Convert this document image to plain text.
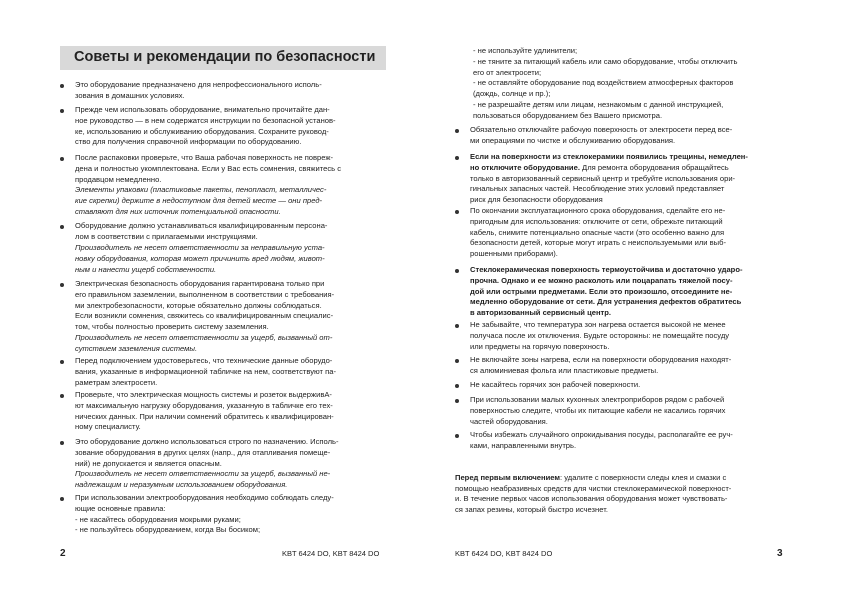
Советы и рекомендации по безопасности
Это оборудование предназначено для непрофессионального исполь-
зования в домашних условиях.
Прежде чем использовать оборудование, внимательно прочитайте дан-
ное руководство — в нем содержатся инструкции по безопасной установ-
ке, использованию и обслуживанию оборудования. Сохраните руковод-
ство для получения справочной информации по оборудованию.
После распаковки проверьте, что Ваша рабочая поверхность не повреж-
дена и полностью укомплектована. Если у Вас есть сомнения, свяжитесь с
продавцом немедленно.
Элементы упаковки (пластиковые пакеты, пенопласт, металличес-
кие скрепки) держите в недоступном для детей месте — они пред-
ставляют для них источник потенциальной опасности.
Оборудование должно устанавливаться квалифицированным персона-
лом в соответствии с прилагаемыми инструкциями.
Производитель не несет ответственности за неправильную уста-
новку оборудования, которая может причинить вред людям, живот-
ным и нанести ущерб собственности.
Электрическая безопасность оборудования гарантирована только при
его правильном заземлении, выполненном в соответствии с требования-
ми электробезопасности, которые обязательно должны соблюдаться.
Если возникли сомнения, свяжитесь со квалифицированным специалис-
том, чтобы полностью проверить систему заземления.
Производитель не несет ответственности за ущерб, вызванный от-
сутствием заземления системы.
Перед подключением удостоверьтесь, что технические данные оборудо-
вания, указанные в информационной табличке на нем, соответствуют па-
раметрам электросети.
Проверьте, что электрическая мощность системы и розеток выдерживА-
ют максимальную нагрузку оборудования, указанную в табличке его тех-
нических данных. При наличии сомнений обратитесь к квалифицирован-
ному специалисту.
Это оборудование должно использоваться строго по назначению. Исполь-
зование оборудования в других целях (напр., для отапливания помеще-
ний) не допускается и является опасным.
Производитель не несет ответственности за ущерб, вызванный не-
надлежащим и неразумным использованием оборудования.
При использовании электрооборудования необходимо соблюдать следу-
ющие основные правила:
- не касайтесь оборудования мокрыми руками;
- не пользуйтесь оборудованием, когда Вы босиком;
- не используйте удлинители;
- не тяните за питающий кабель или само оборудование, чтобы отключить
его от электросети;
- не оставляйте оборудование под воздействием атмосферных факторов
(дождь, солнце и пр.);
- не разрешайте детям или лицам, незнакомым с данной инструкцией,
пользоваться оборудованием без Вашего присмотра.
Обязательно отключайте рабочую поверхность от электросети перед все-
ми операциями по чистке и обслуживанию оборудования.
Если на поверхности из стеклокерамики появились трещины, немедлен-
но отключите оборудование. Для ремонта оборудования обращайтесь
только в авторизованный сервисный центр и требуйте использования ори-
гинальных запасных частей. Несоблюдение этих условий представляет
риск для безопасности оборудования
По окончании эксплуатационного срока оборудования, сделайте его не-
пригодным для использования: отключите от сети, обрежьте питающий
кабель, снимите потенциально опасные части (это особенно важно для
безопасности детей, которые могут играть с неиспользуемыми или выб-
рошенными приборами).
Стеклокерамическая поверхность термоустойчива и достаточно ударо-
прочна. Однако и ее можно расколоть или поцарапать тяжелой посу-
дой или острыми предметами. Если это произошло, отсоедините не-
медленно оборудование от сети. Для устранения дефектов обратитесь
в авторизованный сервисный центр.
Не забывайте, что температура зон нагрева остается высокой не менее
получаса после их отключения. Будьте осторожны: не помещайте посуду
или предметы на горячую поверхность.
Не включайте зоны нагрева, если на поверхности оборудования находят-
ся алюминиевая фольга или пластиковые предметы.
Не касайтесь горячих зон рабочей поверхности.
При использовании малых кухонных электроприборов рядом с рабочей
поверхностью следите, чтобы их питающие кабели не касались горячих
частей оборудования.
Чтобы избежать случайного опрокидывания посуды, располагайте ее руч-
ками, направленными внутрь.

Перед первым включением: удалите с поверхности следы клея и смазки с
помощью неабразивных средств для чистки стеклокерамической поверхност-
и. В течение первых часов использования оборудования может чувствовать-
ся запах резины, который быстро исчезнет.

2	KBT 6424 DO, KBT 8424 DO	KBT 6424 DO, KBT 8424 DO	3
